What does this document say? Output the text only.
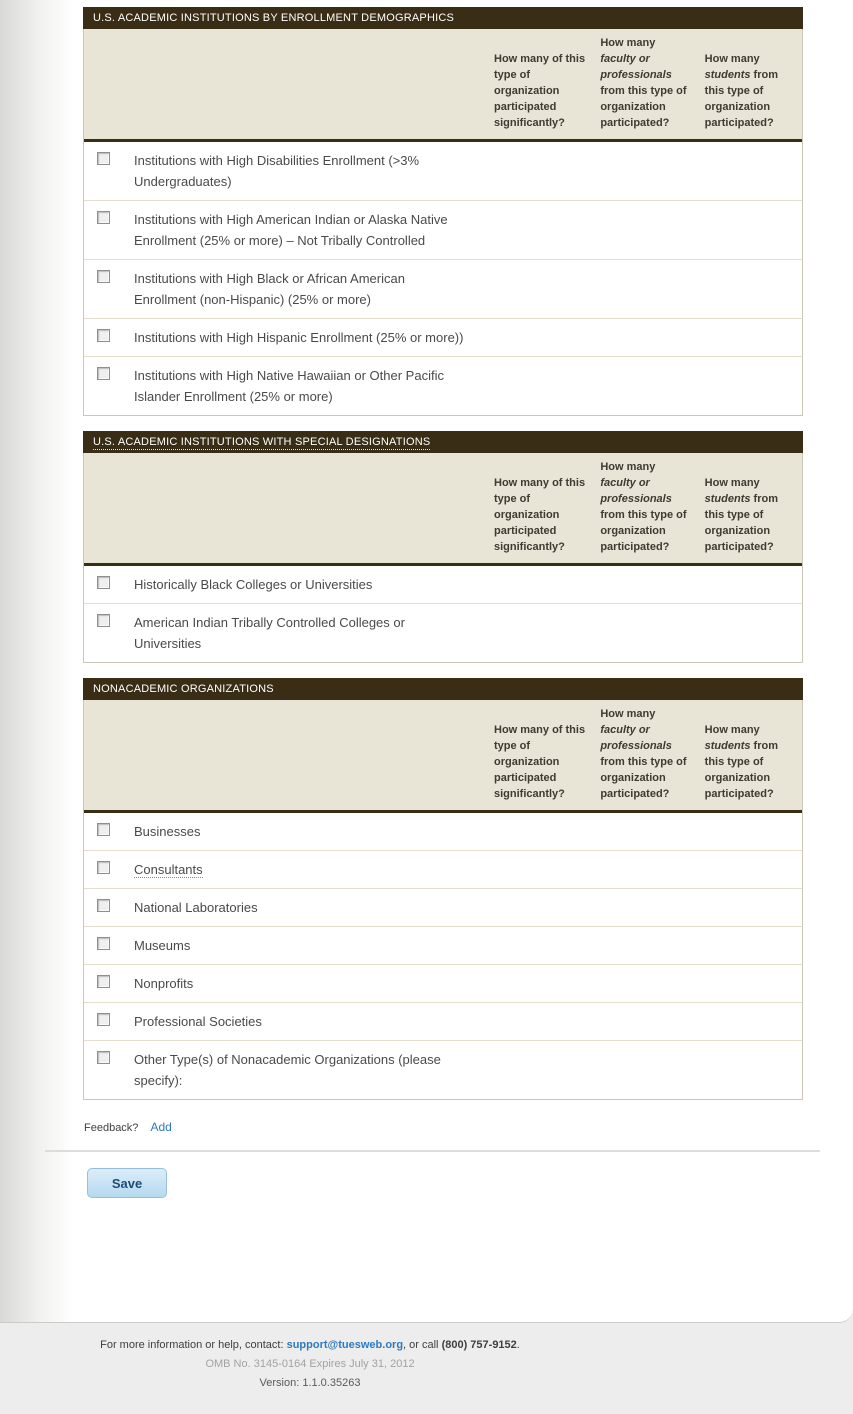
U.S. ACADEMIC INSTITUTIONS BY ENROLLMENT DEMOGRAPHICS
How many of this type of organization participated significantly?
How many faculty or professionals from this type of organization participated?
How many students from this type of organization participated?
Institutions with High Disabilities Enrollment (>3% Undergraduates)
Institutions with High American Indian or Alaska Native Enrollment (25% or more) – Not Tribally Controlled
Institutions with High Black or African American Enrollment (non-Hispanic) (25% or more)
Institutions with High Hispanic Enrollment (25% or more))
Institutions with High Native Hawaiian or Other Pacific Islander Enrollment (25% or more)
U.S. ACADEMIC INSTITUTIONS WITH SPECIAL DESIGNATIONS
How many of this type of organization participated significantly?
How many faculty or professionals from this type of organization participated?
How many students from this type of organization participated?
Historically Black Colleges or Universities
American Indian Tribally Controlled Colleges or Universities
NONACADEMIC ORGANIZATIONS
How many of this type of organization participated significantly?
How many faculty or professionals from this type of organization participated?
How many students from this type of organization participated?
Businesses
Consultants
National Laboratories
Museums
Nonprofits
Professional Societies
Other Type(s) of Nonacademic Organizations (please specify):
Feedback? Add
Save
For more information or help, contact: support@tuesweb.org, or call (800) 757-9152.
OMB No. 3145-0164 Expires July 31, 2012
Version: 1.1.0.35263
